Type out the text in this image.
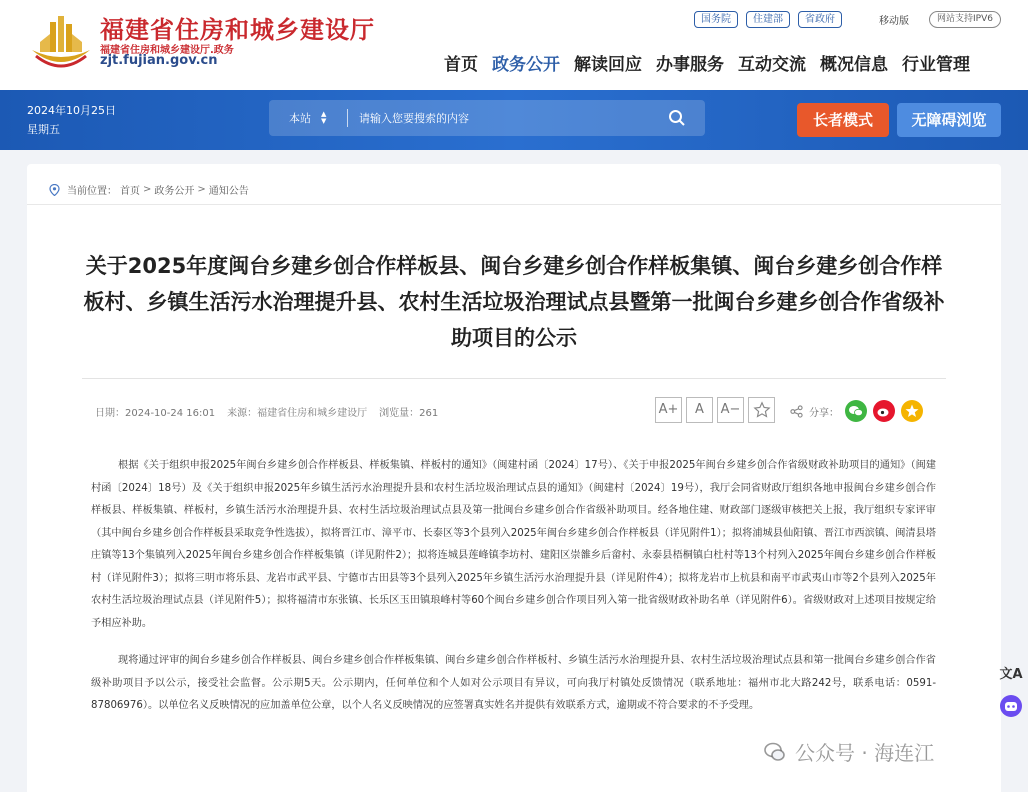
福建省住房和城乡建设厅
福建省住房和城乡建设厅.政务
zjt.fujian.gov.cn
国务院	住建部	省政府	移动版	网站支持IPV6
首页 政务公开 解读回应 办事服务 互动交流 概况信息 行业管理
2024年10月25日
星期五
本站 ▲
▼
请输入您要搜索的内容	长者模式	无障碍浏览
当前位置： 首页 > 政务公开 > 通知公告
关于2025年度闽台乡建乡创合作样板县、闽台乡建乡创合作样板集镇、闽台乡建乡创合作样板村、乡镇生活污水治理提升县、农村生活垃圾治理试点县暨第一批闽台乡建乡创合作省级补助项目的公示
日期：2024-10-24 16:01 来源：福建省住房和城乡建设厅 浏览量：261	A+	A	A−	分享：

根据《关于组织申报2025年闽台乡建乡创合作样板县、样板集镇、样板村的通知》（闽建村函〔2024〕17号）、《关于申报2025年闽台乡建乡创合作省级财政补助项目的通知》（闽建村函〔2024〕18号）及《关于组织申报2025年乡镇生活污水治理提升县和农村生活垃圾治理试点县的通知》（闽建村〔2024〕19号），我厅会同省财政厅组织各地申报闽台乡建乡创合作样板县、样板集镇、样板村，乡镇生活污水治理提升县、农村生活垃圾治理试点县及第一批闽台乡建乡创合作省级补助项目。经各地住建、财政部门逐级审核把关上报，我厅组织专家评审（其中闽台乡建乡创合作样板县采取竞争性选拔），拟将晋江市、漳平市、长泰区等3个县列入2025年闽台乡建乡创合作样板县（详见附件1）；拟将浦城县仙阳镇、晋江市西滨镇、闽清县塔庄镇等13个集镇列入2025年闽台乡建乡创合作样板集镇（详见附件2）；拟将连城县莲峰镇李坊村、建阳区崇雒乡后畲村、永泰县梧桐镇白杜村等13个村列入2025年闽台乡建乡创合作样板村（详见附件3）；拟将三明市将乐县、龙岩市武平县、宁德市古田县等3个县列入2025年乡镇生活污水治理提升县（详见附件4）；拟将龙岩市上杭县和南平市武夷山市等2个县列入2025年农村生活垃圾治理试点县（详见附件5）；拟将福清市东张镇、长乐区玉田镇琅峰村等60个闽台乡建乡创合作项目列入第一批省级财政补助名单（详见附件6）。省级财政对上述项目按规定给予相应补助。

现将通过评审的闽台乡建乡创合作样板县、闽台乡建乡创合作样板集镇、闽台乡建乡创合作样板村、乡镇生活污水治理提升县、农村生活垃圾治理试点县和第一批闽台乡建乡创合作省级补助项目予以公示，接受社会监督。公示期5天。公示期内，任何单位和个人如对公示项目有异议，可向我厅村镇处反馈情况（联系地址：福州市北大路242号，联系电话：0591-87806976）。以单位名义反映情况的应加盖单位公章，以个人名义反映情况的应签署真实姓名并提供有效联系方式，逾期或不符合要求的不予受理。

文A
公众号 · 海连江
